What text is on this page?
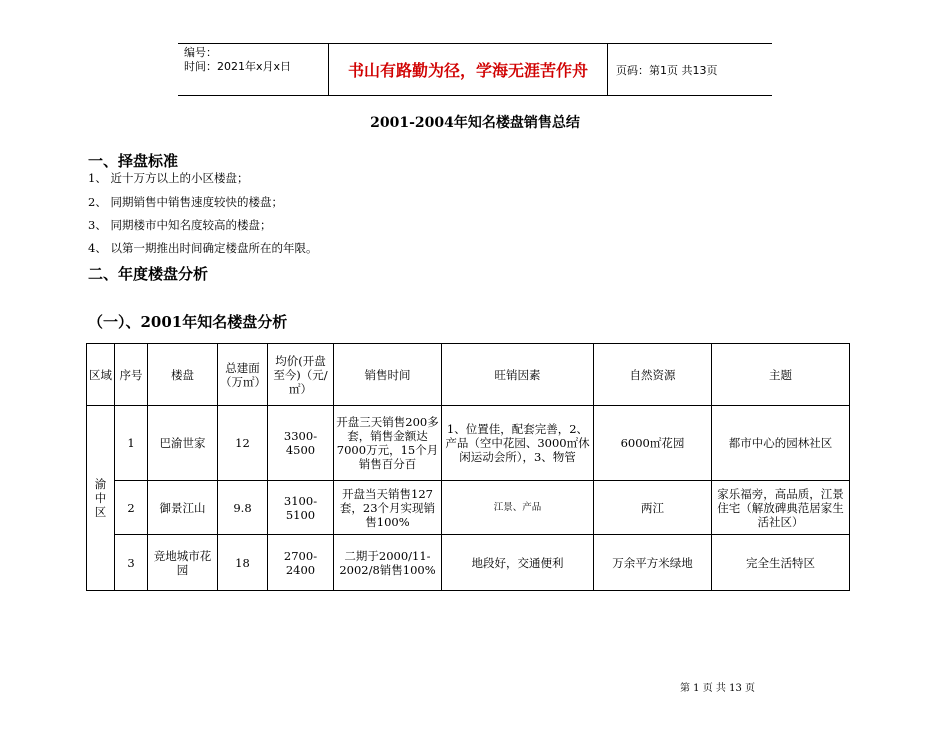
编号：
时间：2021年x月x日	书山有路勤为径，学海无涯苦作舟	页码：第1页 共13页
2001-2004年知名楼盘销售总结
一、择盘标准
1、 近十万方以上的小区楼盘；
2、 同期销售中销售速度较快的楼盘；
3、 同期楼市中知名度较高的楼盘；
4、 以第一期推出时间确定楼盘所在的年限。
二、年度楼盘分析
（一）、2001年知名楼盘分析
区域	序号	楼盘	总建面（万㎡）	均价(开盘至今)（元/㎡）	销售时间	旺销因素	自然资源	主题
渝中区	1	巴渝世家	12	3300-4500	开盘三天销售200多套，销售金额达7000万元，15个月销售百分百	1、位置佳，配套完善，2、产品（空中花园、3000㎡休闲运动会所），3、物管	6000㎡花园	都市中心的园林社区
	2	御景江山	9.8	3100-5100	开盘当天销售127套，23个月实现销售100%	江景、产品	两江	家乐福旁，高品质，江景住宅（解放碑典范居家生活社区）
	3	竞地城市花园	18	2700-2400	二期于2000/11-2002/8销售100%	地段好，交通便利	万余平方米绿地	完全生活特区
第 1 页 共 13 页
